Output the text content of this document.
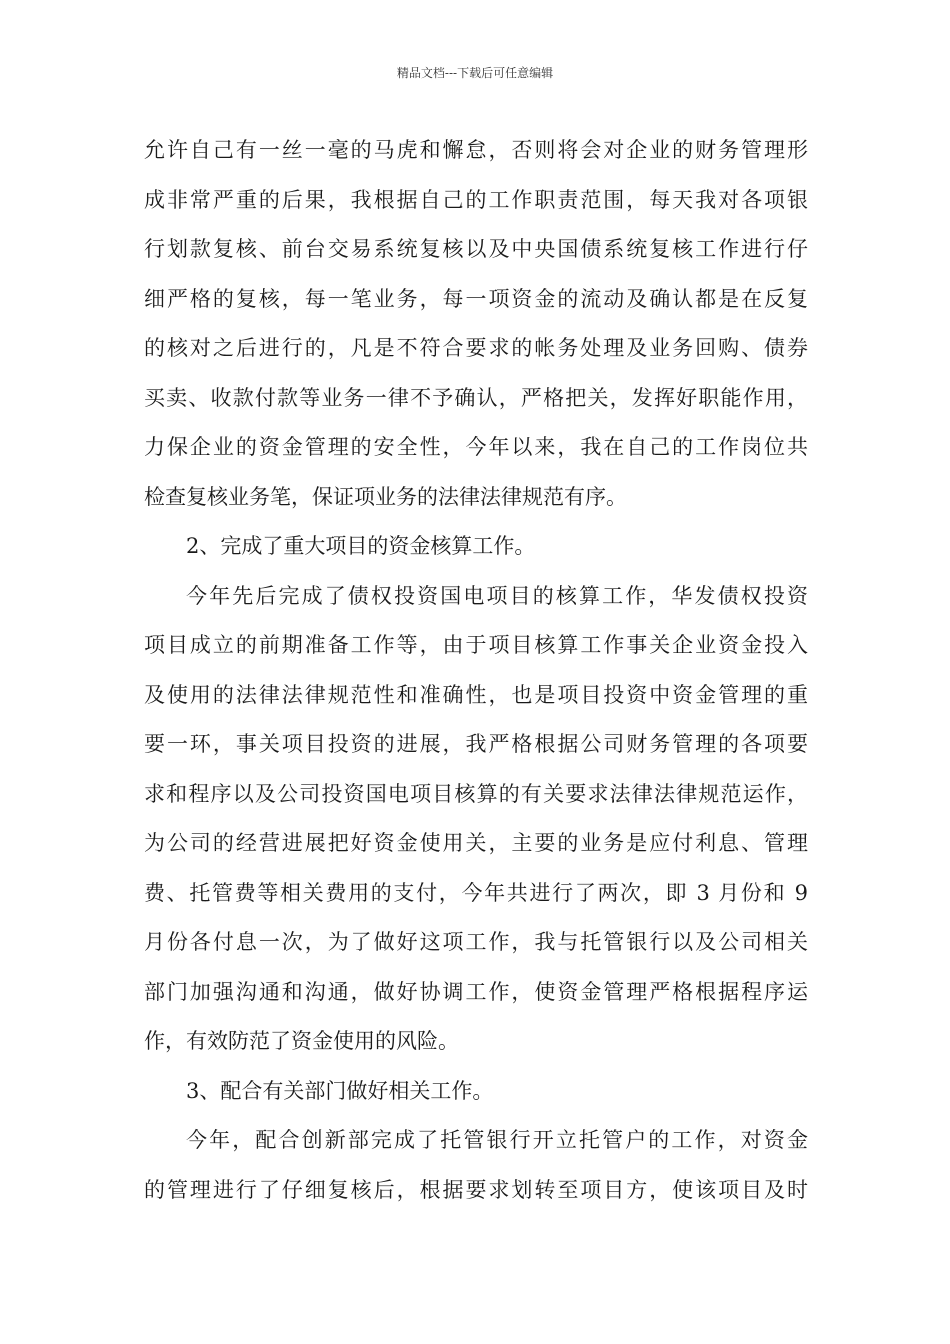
精品文档---下载后可任意编辑
允许自己有一丝一毫的马虎和懈怠，否则将会对企业的财务管理形
成非常严重的后果，我根据自己的工作职责范围，每天我对各项银
行划款复核、前台交易系统复核以及中央国债系统复核工作进行仔
细严格的复核，每一笔业务，每一项资金的流动及确认都是在反复
的核对之后进行的，凡是不符合要求的帐务处理及业务回购、债券
买卖、收款付款等业务一律不予确认，严格把关，发挥好职能作用，
力保企业的资金管理的安全性，今年以来，我在自己的工作岗位共
检查复核业务笔，保证项业务的法律法律规范有序。
2、完成了重大项目的资金核算工作。
今年先后完成了债权投资国电项目的核算工作，华发债权投资
项目成立的前期准备工作等，由于项目核算工作事关企业资金投入
及使用的法律法律规范性和准确性，也是项目投资中资金管理的重
要一环，事关项目投资的进展，我严格根据公司财务管理的各项要
求和程序以及公司投资国电项目核算的有关要求法律法律规范运作，
为公司的经营进展把好资金使用关，主要的业务是应付利息、管理
费、托管费等相关费用的支付，今年共进行了两次，即 3 月份和 9
月份各付息一次，为了做好这项工作，我与托管银行以及公司相关
部门加强沟通和沟通，做好协调工作，使资金管理严格根据程序运
作，有效防范了资金使用的风险。
3、配合有关部门做好相关工作。
今年，配合创新部完成了托管银行开立托管户的工作，对资金
的管理进行了仔细复核后，根据要求划转至项目方，使该项目及时
